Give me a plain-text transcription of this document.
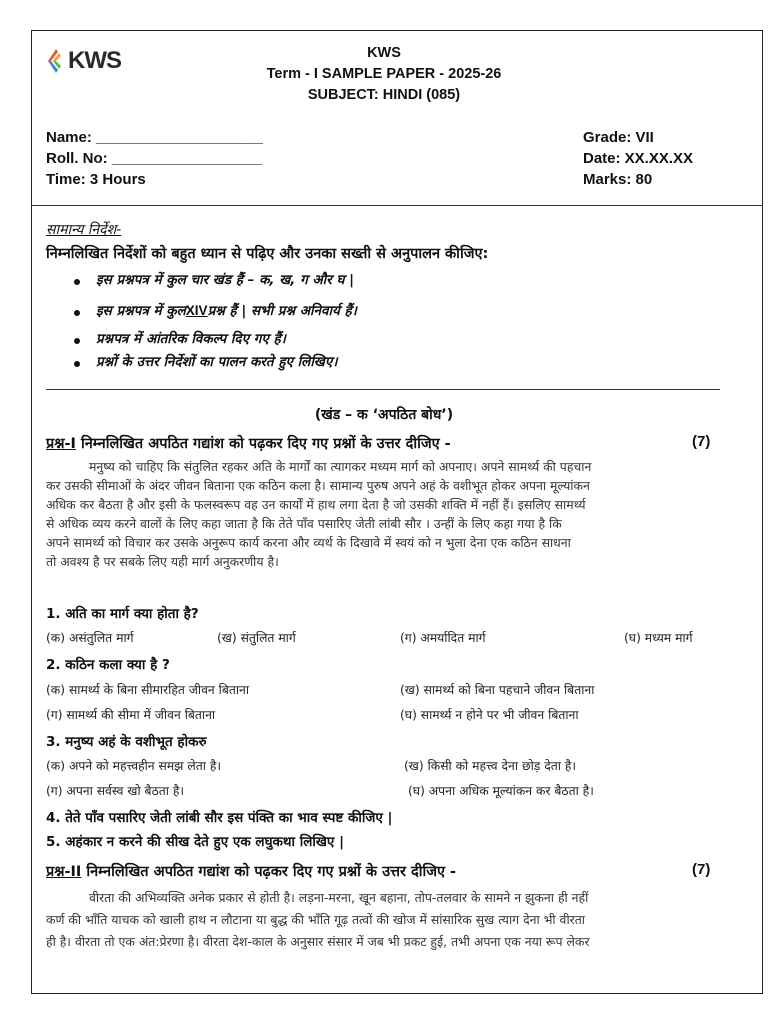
KWS	KWS
Term - I SAMPLE PAPER - 2025-26
SUBJECT: HINDI (085)
Name: ____________________
Roll. No: __________________
Time: 3 Hours
Grade: VII
Date: XX.XX.XX
Marks: 80
सामान्य निर्देश-
निम्नलिखित निर्देशों को बहुत ध्यान से पढ़िए और उनका सख्ती से अनुपालन कीजिए:
इस प्रश्नपत्र में कुल चार खंड हैं – क, ख, ग और घ |
इस प्रश्नपत्र में कुलXIVप्रश्न हैं | सभी प्रश्न अनिवार्य हैं।
प्रश्नपत्र में आंतरिक विकल्प दिए गए हैं।
प्रश्नों के उत्तर निर्देशों का पालन करते हुए लिखिए।
(खंड – क ‘अपठित बोध’)
प्रश्न-I निम्नलिखित अपठित गद्यांश को पढ़कर दिए गए प्रश्नों के उत्तर दीजिए -	(7)

मनुष्य को चाहिए कि संतुलित रहकर अति के मार्गों का त्यागकर मध्यम मार्ग को अपनाए। अपने सामर्थ्य की पहचान

कर उसकी सीमाओं के अंदर जीवन बिताना एक कठिन कला है। सामान्य पुरुष अपने अहं के वशीभूत होकर अपना मूल्यांकन

अधिक कर बैठता है और इसी के फलस्वरूप वह उन कार्यों में हाथ लगा देता है जो उसकी शक्ति में नहीं हैं। इसलिए सामर्थ्य

से अधिक व्यय करने वालों के लिए कहा जाता है कि तेते पाँव पसारिए जेती लांबी सौर । उन्हीं के लिए कहा गया है कि

अपने सामर्थ्य को विचार कर उसके अनुरूप कार्य करना और व्यर्थ के दिखावे में स्वयं को न भुला देना एक कठिन साधना

तो अवश्य है पर सबके लिए यही मार्ग अनुकरणीय है।

1. अति का मार्ग क्या होता है?
(क) असंतुलित मार्ग	(ख) संतुलित मार्ग	(ग) अमर्यादित मार्ग	(घ) मध्यम मार्ग
2. कठिन कला क्या है ?
(क) सामर्थ्य के बिना सीमारहित जीवन बिताना	(ख) सामर्थ्य को बिना पहचाने जीवन बिताना
(ग) सामर्थ्य की सीमा में जीवन बिताना	(घ) सामर्थ्य न होने पर भी जीवन बिताना
3. मनुष्य अहं के वशीभूत होकरु
(क) अपने को महत्त्वहीन समझ लेता है।	(ख) किसी को महत्त्व देना छोड़ देता है।
(ग) अपना सर्वस्व खो बैठता है।	(घ) अपना अधिक मूल्यांकन कर बैठता है।
4. तेते पाँव पसारिए जेती लांबी सौर इस पंक्ति का भाव स्पष्ट कीजिए |
5. अहंकार न करने की सीख देते हुए एक लघुकथा लिखिए |
प्रश्न-II निम्नलिखित अपठित गद्यांश को पढ़कर दिए गए प्रश्नों के उत्तर दीजिए -	(7)

वीरता की अभिव्यक्ति अनेक प्रकार से होती है। लड़ना-मरना, खून बहाना, तोप-तलवार के सामने न झुकना ही नहीं

कर्ण की भाँति याचक को खाली हाथ न लौटाना या बुद्ध की भाँति गूढ़ तत्वों की खोज में सांसारिक सुख त्याग देना भी वीरता

ही है। वीरता तो एक अंत:प्रेरणा है। वीरता देश-काल के अनुसार संसार में जब भी प्रकट हुई, तभी अपना एक नया रूप लेकर
